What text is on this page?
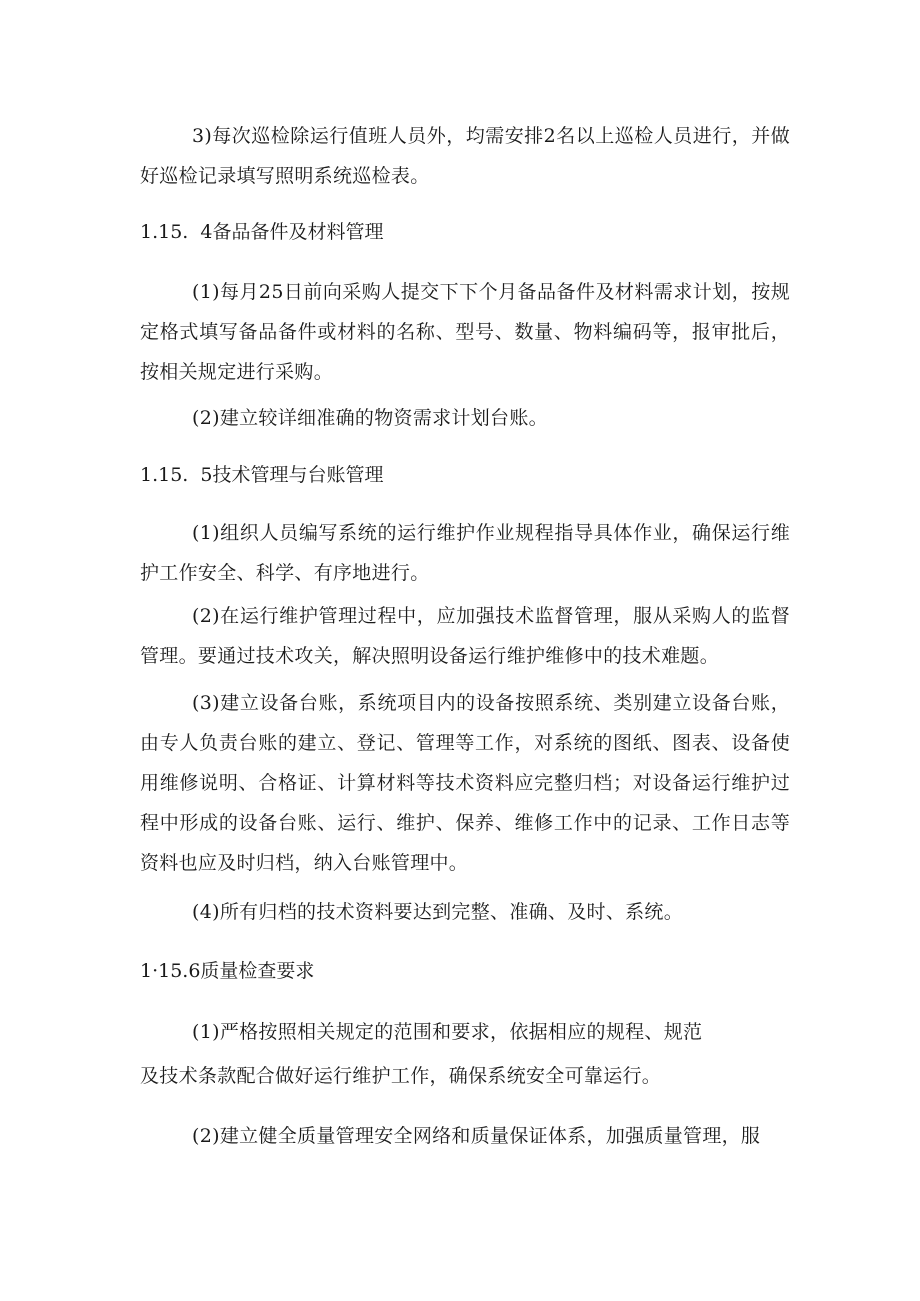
3)每次巡检除运行值班人员外，均需安排2名以上巡检人员进行，并做好巡检记录填写照明系统巡检表。

1.15.  4备品备件及材料管理

(1)每月25日前向采购人提交下下个月备品备件及材料需求计划，按规定格式填写备品备件或材料的名称、型号、数量、物料编码等，报审批后，按相关规定进行采购。

(2)建立较详细准确的物资需求计划台账。

1.15.  5技术管理与台账管理

(1)组织人员编写系统的运行维护作业规程指导具体作业，确保运行维护工作安全、科学、有序地进行。

(2)在运行维护管理过程中，应加强技术监督管理，服从采购人的监督管理。要通过技术攻关，解决照明设备运行维护维修中的技术难题。

(3)建立设备台账，系统项目内的设备按照系统、类别建立设备台账，由专人负责台账的建立、登记、管理等工作，对系统的图纸、图表、设备使用维修说明、合格证、计算材料等技术资料应完整归档；对设备运行维护过程中形成的设备台账、运行、维护、保养、维修工作中的记录、工作日志等资料也应及时归档，纳入台账管理中。

(4)所有归档的技术资料要达到完整、准确、及时、系统。

1·15.6质量检查要求

(1)严格按照相关规定的范围和要求，依据相应的规程、规范

及技术条款配合做好运行维护工作，确保系统安全可靠运行。

(2)建立健全质量管理安全网络和质量保证体系，加强质量管理，服
